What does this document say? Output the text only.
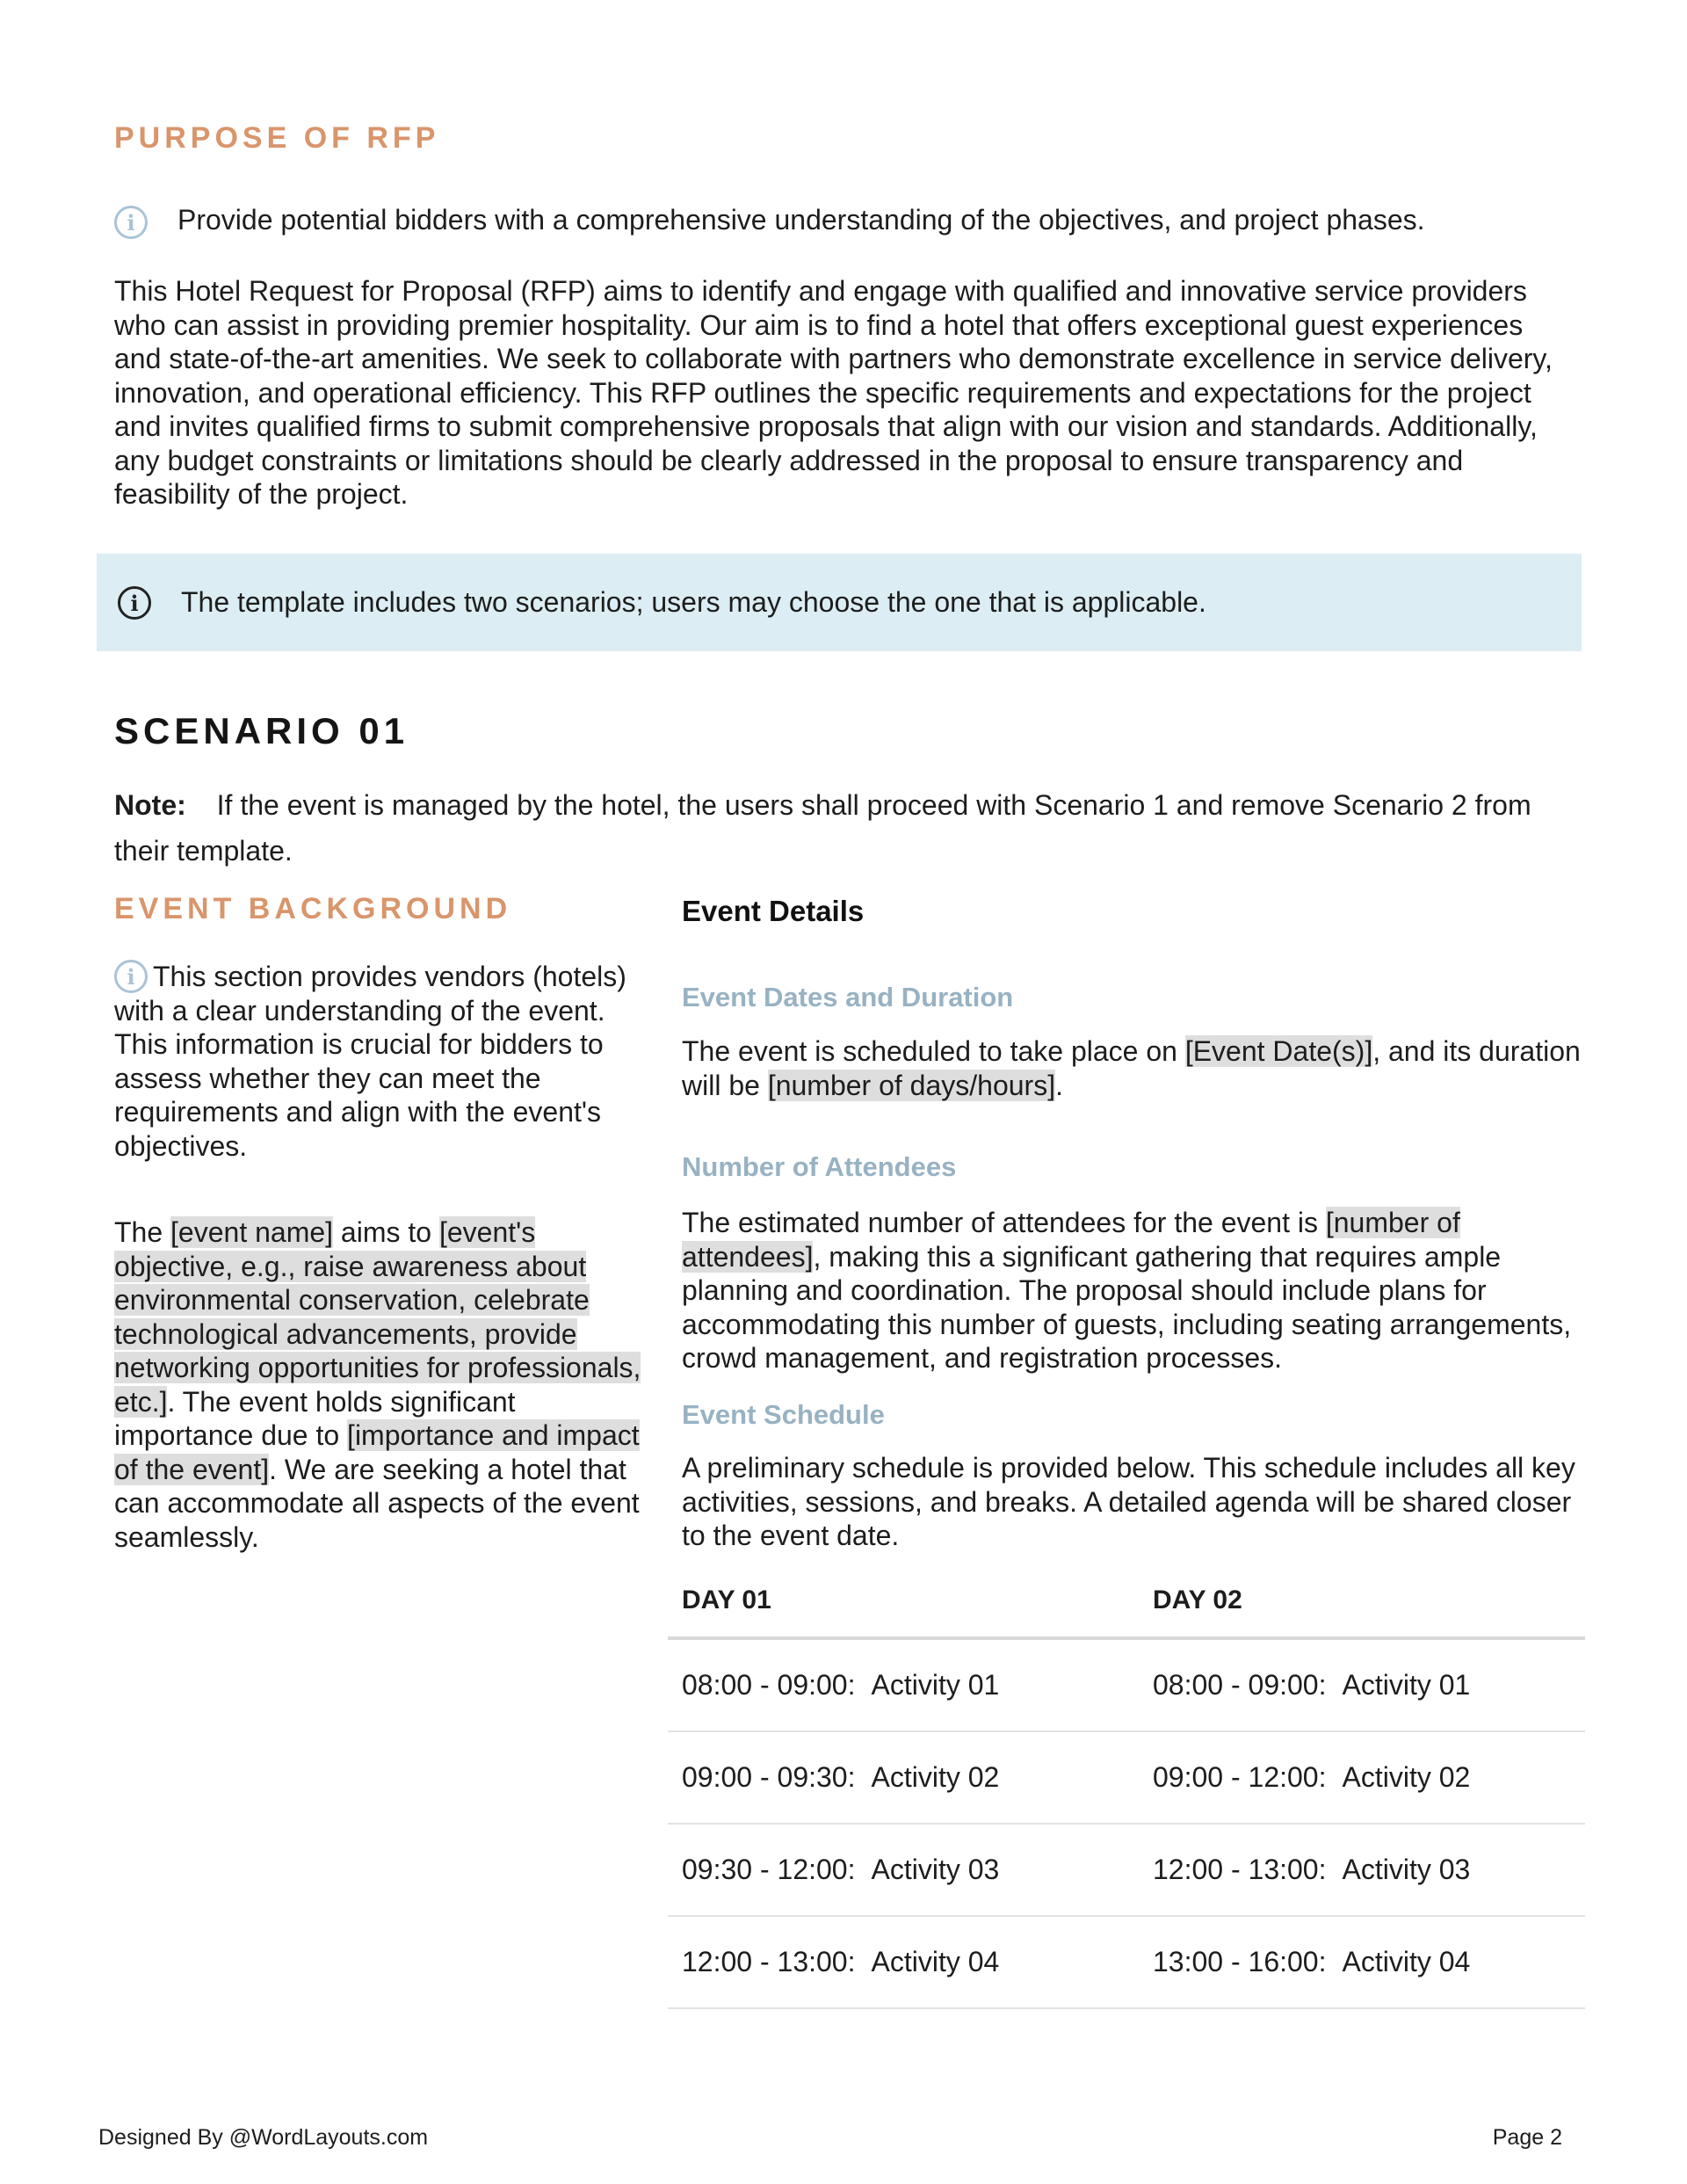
PURPOSE OF RFP
i Provide potential bidders with a comprehensive understanding of the objectives, and project phases.

This Hotel Request for Proposal (RFP) aims to identify and engage with qualified and innovative service providers who can assist in providing premier hospitality. Our aim is to find a hotel that offers exceptional guest experiences and state-of-the-art amenities. We seek to collaborate with partners who demonstrate excellence in service delivery, innovation, and operational efficiency. This RFP outlines the specific requirements and expectations for the project and invites qualified firms to submit comprehensive proposals that align with our vision and standards. Additionally, any budget constraints or limitations should be clearly addressed in the proposal to ensure transparency and feasibility of the project.

i	The template includes two scenarios; users may choose the one that is applicable.
SCENARIO 01

Note: If the event is managed by the hotel, the users shall proceed with Scenario 1 and remove Scenario 2 from their template.

EVENT BACKGROUND

i This section provides vendors (hotels) with a clear understanding of the event. This information is crucial for bidders to assess whether they can meet the requirements and align with the event's objectives.

The [event name] aims to [event's objective, e.g., raise awareness about environmental conservation, celebrate technological advancements, provide networking opportunities for professionals, etc.]. The event holds significant importance due to [importance and impact of the event]. We are seeking a hotel that can accommodate all aspects of the event seamlessly.

Event Details
Event Dates and Duration

The event is scheduled to take place on [Event Date(s)], and its duration will be [number of days/hours].

Number of Attendees

The estimated number of attendees for the event is [number of attendees], making this a significant gathering that requires ample planning and coordination. The proposal should include plans for accommodating this number of guests, including seating arrangements, crowd management, and registration processes.

Event Schedule

A preliminary schedule is provided below. This schedule includes all key activities, sessions, and breaks. A detailed agenda will be shared closer to the event date.

DAY 01	DAY 02
08:00 - 09:00: Activity 01	08:00 - 09:00: Activity 01
09:00 - 09:30: Activity 02	09:00 - 12:00: Activity 02
09:30 - 12:00: Activity 03	12:00 - 13:00: Activity 03
12:00 - 13:00: Activity 04	13:00 - 16:00: Activity 04
Designed By @WordLayouts.com	Page 2
